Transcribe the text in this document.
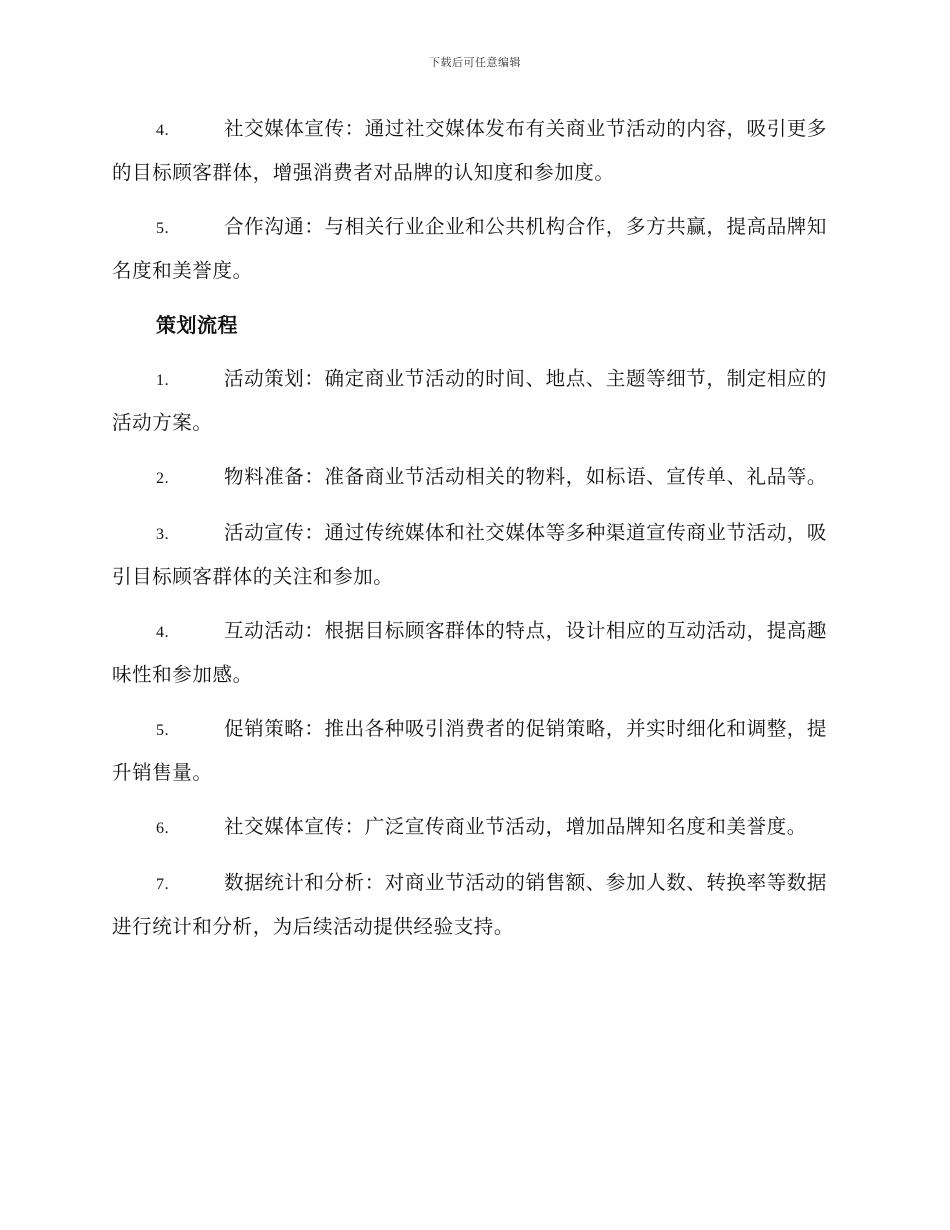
下载后可任意编辑

4.	社交媒体宣传：通过社交媒体发布有关商业节活动的内容，吸引更多的目标顾客群体，增强消费者对品牌的认知度和参加度。

5.	合作沟通：与相关行业企业和公共机构合作，多方共赢，提高品牌知名度和美誉度。

策划流程

1.	活动策划：确定商业节活动的时间、地点、主题等细节，制定相应的活动方案。

2.	物料准备：准备商业节活动相关的物料，如标语、宣传单、礼品等。

3.	活动宣传：通过传统媒体和社交媒体等多种渠道宣传商业节活动，吸引目标顾客群体的关注和参加。

4.	互动活动：根据目标顾客群体的特点，设计相应的互动活动，提高趣味性和参加感。

5.	促销策略：推出各种吸引消费者的促销策略，并实时细化和调整，提升销售量。

6.	社交媒体宣传：广泛宣传商业节活动，增加品牌知名度和美誉度。

7.	数据统计和分析：对商业节活动的销售额、参加人数、转换率等数据进行统计和分析，为后续活动提供经验支持。
